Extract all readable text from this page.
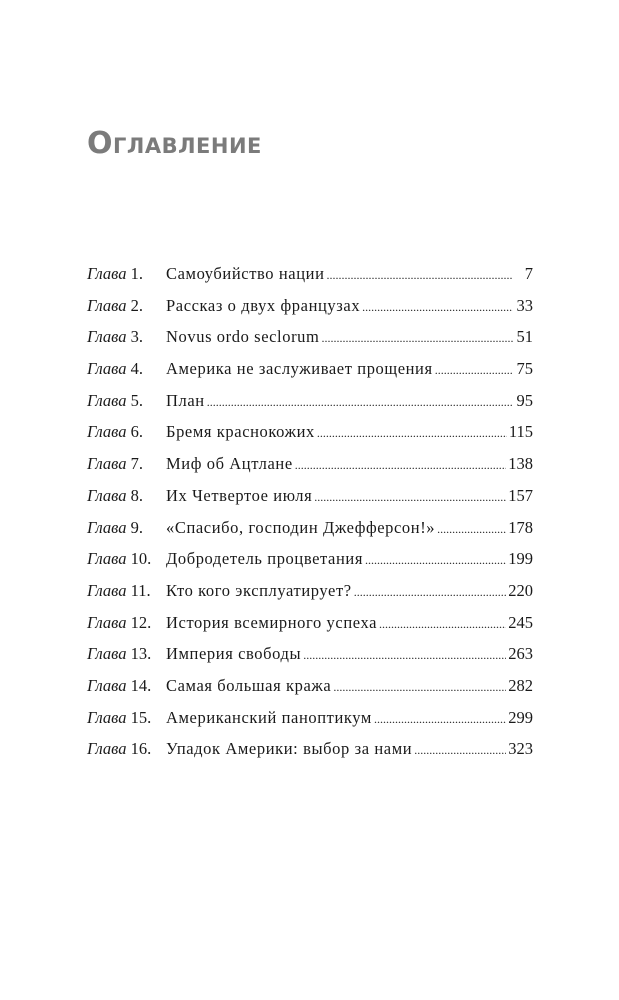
Оглавление
Глава 1.	Самоубийство нации .....	7
Глава 2.	Рассказ о двух французах .....	33
Глава 3.	Novus ordo seclorum .....	51
Глава 4.	Америка не заслуживает прощения .....	75
Глава 5.	План .....	95
Глава 6.	Бремя краснокожих .....	115
Глава 7.	Миф об Ацтлане .....	138
Глава 8.	Их Четвертое июля .....	157
Глава 9.	«Спасибо, господин Джефферсон!» .....	178
Глава 10. Добродетель процветания .....	199
Глава 11. Кто кого эксплуатирует? .....	220
Глава 12. История всемирного успеха .....	245
Глава 13. Империя свободы .....	263
Глава 14. Самая большая кража .....	282
Глава 15. Американский паноптикум .....	299
Глава 16. Упадок Америки: выбор за нами .....	323
